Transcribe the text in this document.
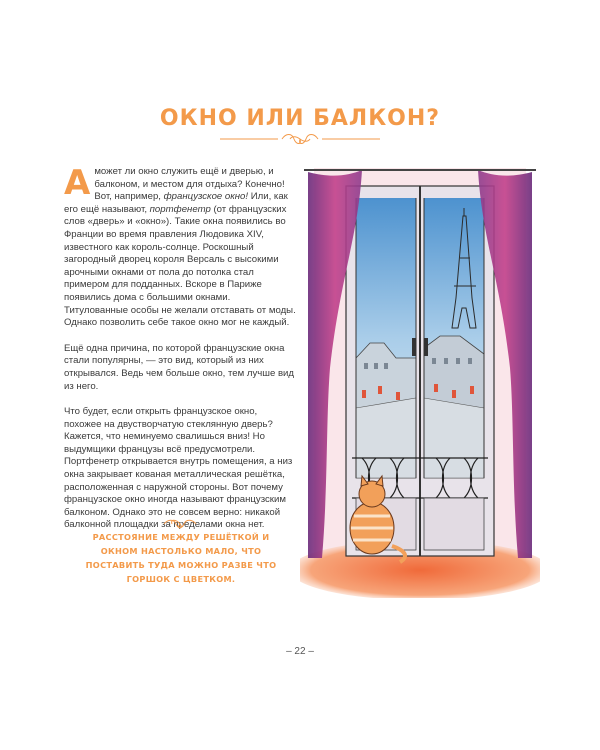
ОКНО ИЛИ БАЛКОН?

А может ли окно служить ещё и дверью, и балконом, и местом для отдыха? Конечно! Вот, например, французское окно! Или, как его ещё называют, портфенетр (от французских слов «дверь» и «окно»). Такие окна появились во Франции во время правления Людовика XIV, известного как король-солнце. Роскошный загородный дворец короля Версаль с высокими арочными окнами от пола до потолка стал примером для подданных. Вскоре в Париже появились дома с большими окнами. Титулованные особы не желали отставать от моды. Однако позволить себе такое окно мог не каждый.

Ещё одна причина, по которой французские окна стали популярны, — это вид, который из них открывался. Ведь чем больше окно, тем лучше вид из него.

Что будет, если открыть французское окно, похожее на двустворчатую стеклянную дверь? Кажется, что неминуемо свалишься вниз! Но выдумщики французы всё предусмотрели. Портфенетр открывается внутрь помещения, а низ окна закрывает кованая металлическая решётка, расположенная с наружной стороны. Вот почему французское окно иногда называют французским балконом. Однако это не совсем верно: никакой балконной площадки за пределами окна нет.

РАССТОЯНИЕ МЕЖДУ РЕШЁТКОЙ И ОКНОМ НАСТОЛЬКО МАЛО, ЧТО ПОСТАВИТЬ ТУДА МОЖНО РАЗВЕ ЧТО ГОРШОК С ЦВЕТКОМ.
– 22 –
